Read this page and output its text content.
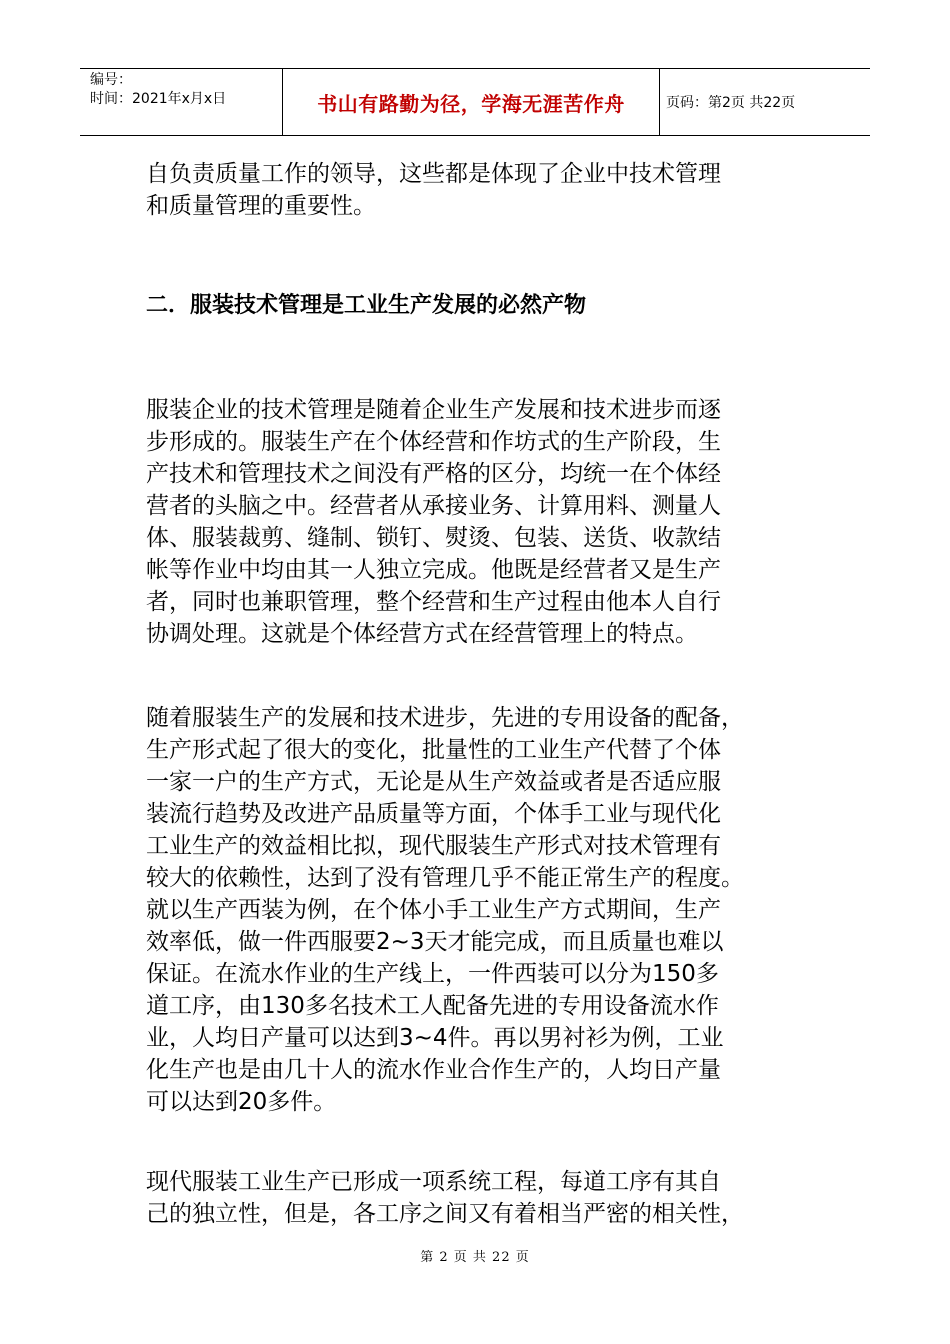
编号：
时间：2021年x月x日	书山有路勤为径，学海无涯苦作舟	页码：第2页 共22页

自负责质量工作的领导，这些都是体现了企业中技术管理

和质量管理的重要性。

二．服装技术管理是工业生产发展的必然产物

服装企业的技术管理是随着企业生产发展和技术进步而逐

步形成的。服装生产在个体经营和作坊式的生产阶段，生

产技术和管理技术之间没有严格的区分，均统一在个体经

营者的头脑之中。经营者从承接业务、计算用料、测量人

体、服装裁剪、缝制、锁钉、熨烫、包装、送货、收款结

帐等作业中均由其一人独立完成。他既是经营者又是生产

者，同时也兼职管理，整个经营和生产过程由他本人自行

协调处理。这就是个体经营方式在经营管理上的特点。

随着服装生产的发展和技术进步，先进的专用设备的配备，

生产形式起了很大的变化，批量性的工业生产代替了个体

一家一户的生产方式，无论是从生产效益或者是否适应服

装流行趋势及改进产品质量等方面，个体手工业与现代化

工业生产的效益相比拟，现代服装生产形式对技术管理有

较大的依赖性，达到了没有管理几乎不能正常生产的程度。

就以生产西装为例，在个体小手工业生产方式期间，生产

效率低，做一件西服要2~3天才能完成，而且质量也难以

保证。在流水作业的生产线上，一件西装可以分为150多

道工序，由130多名技术工人配备先进的专用设备流水作

业，人均日产量可以达到3~4件。再以男衬衫为例，工业

化生产也是由几十人的流水作业合作生产的，人均日产量

可以达到20多件。

现代服装工业生产已形成一项系统工程，每道工序有其自

己的独立性，但是，各工序之间又有着相当严密的相关性，

第 2 页 共 22 页
